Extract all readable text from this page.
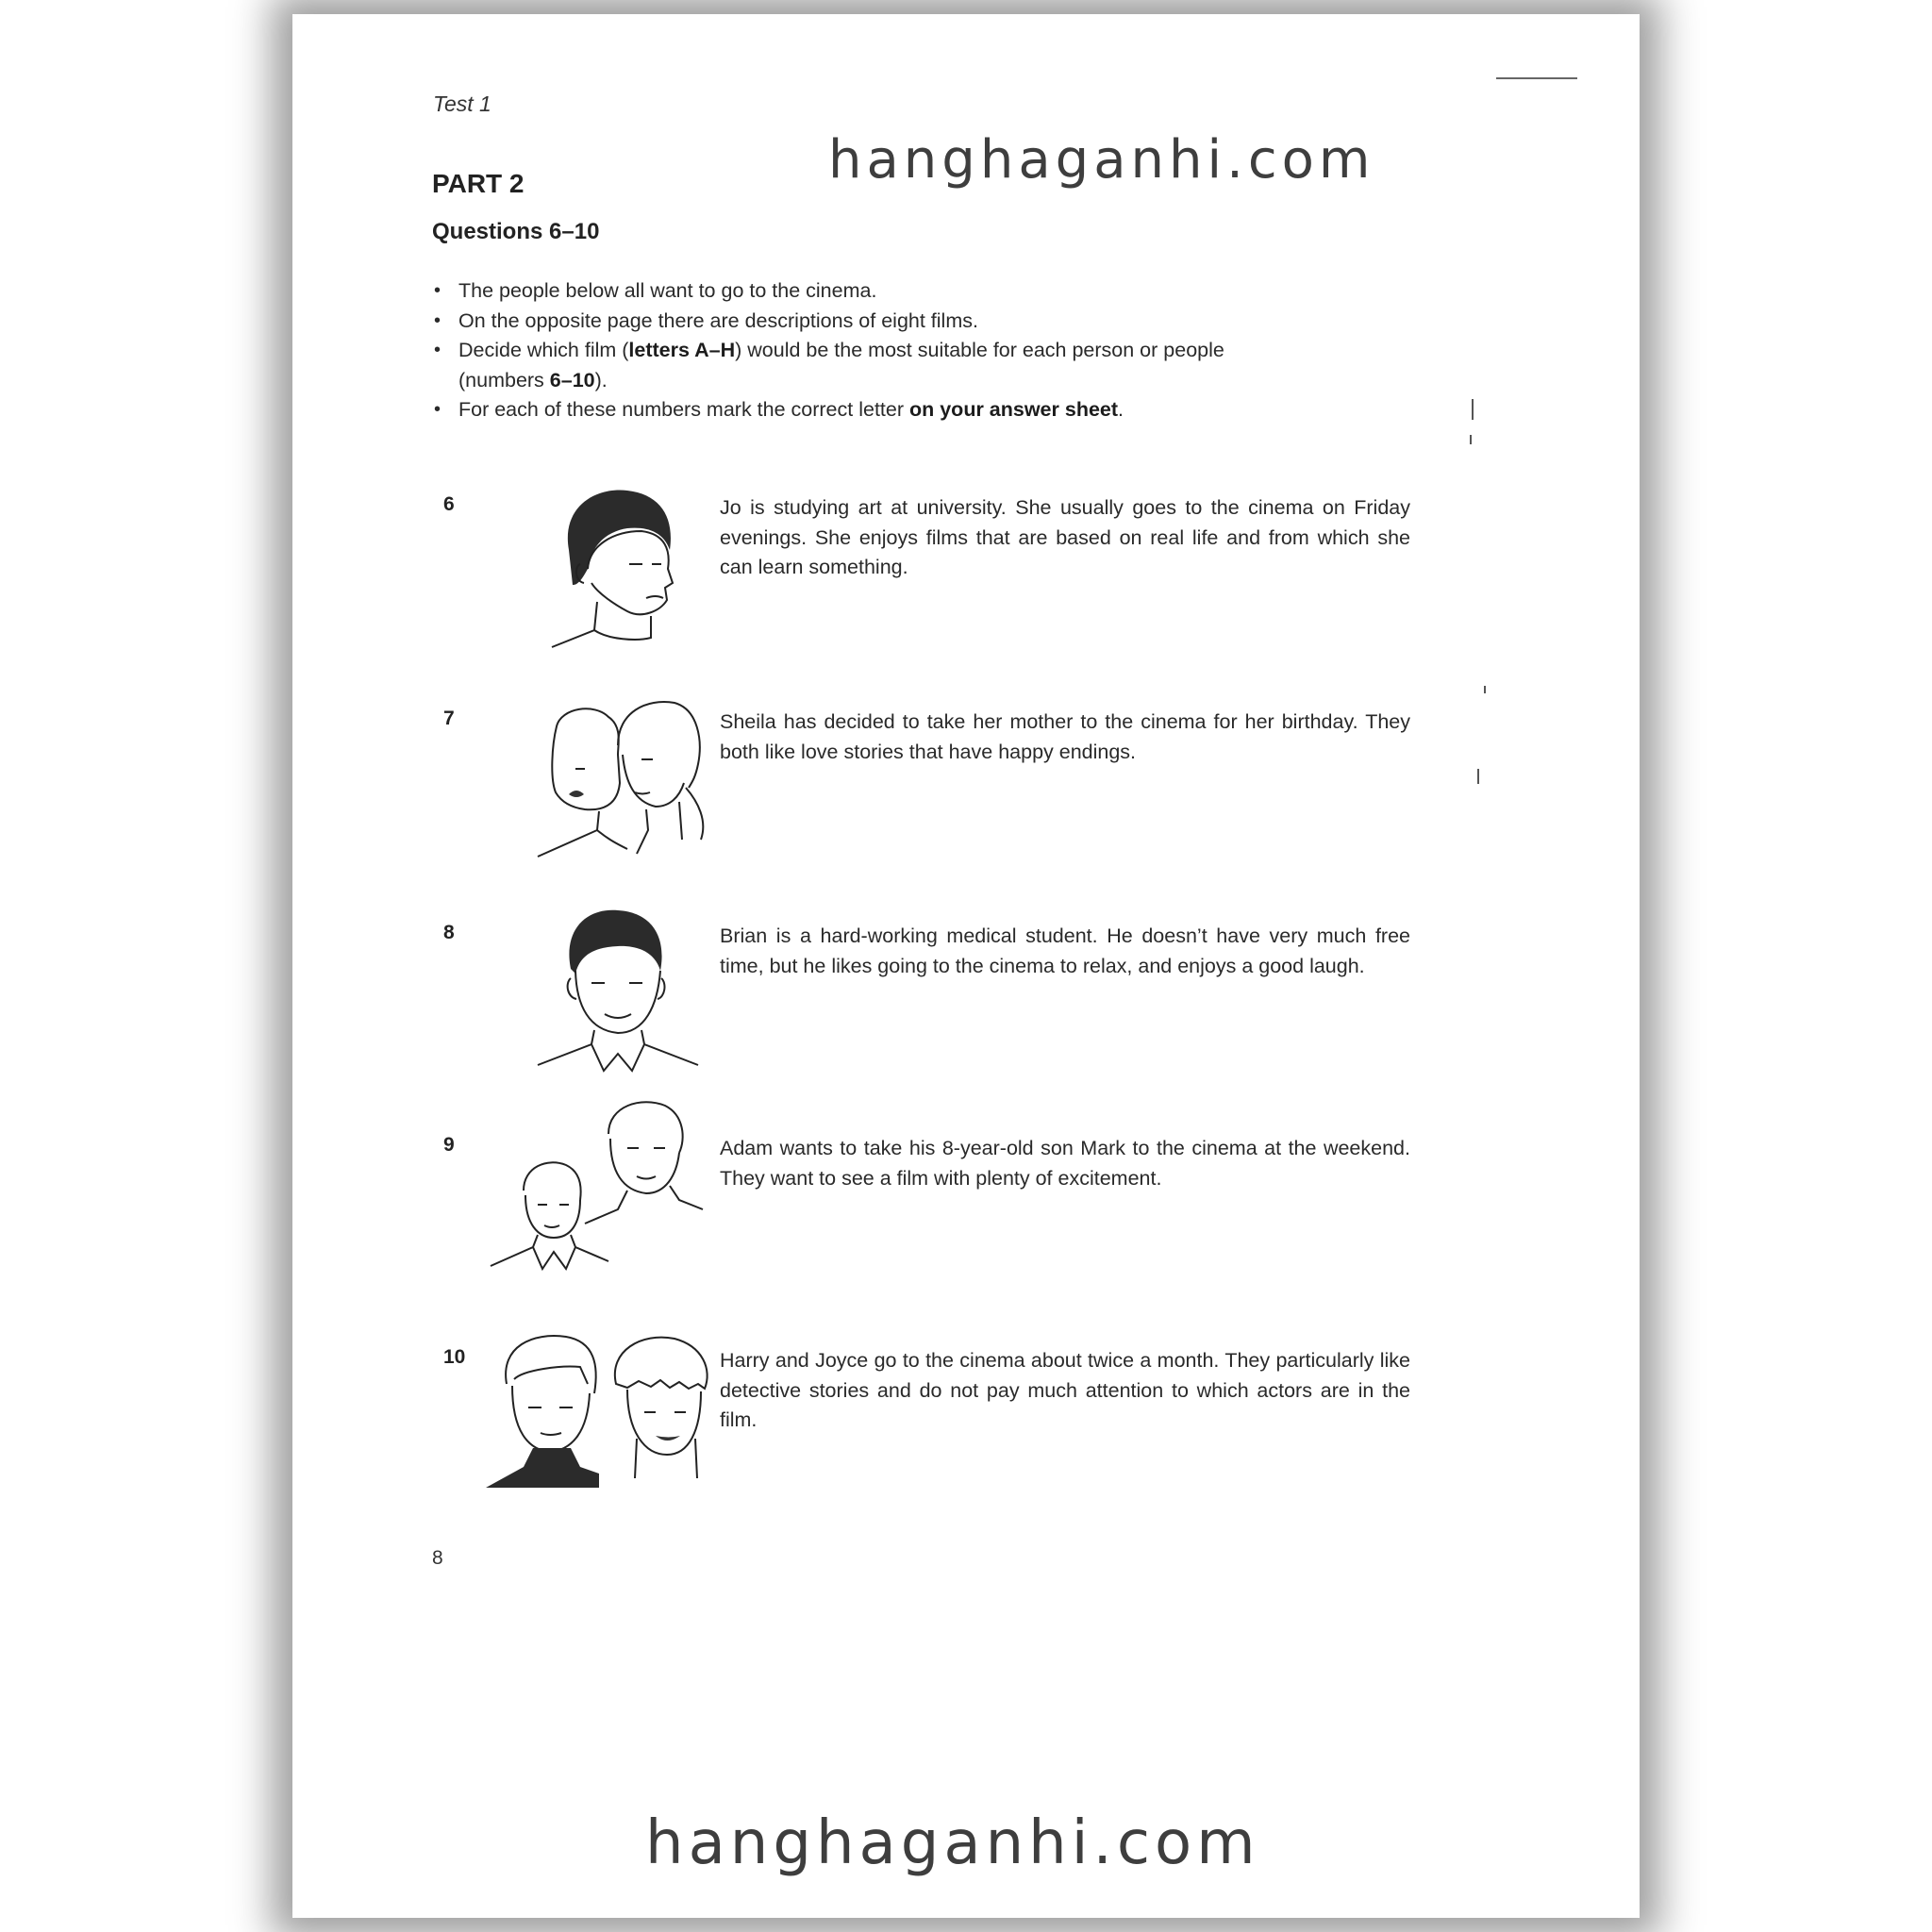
Test 1
PART 2
Questions 6–10
• The people below all want to go to the cinema.
• On the opposite page there are descriptions of eight films.
• Decide which film (letters A–H) would be the most suitable for each person or people (numbers 6–10).
• For each of these numbers mark the correct letter on your answer sheet.
6	Jo is studying art at university. She usually goes to the cinema on Friday evenings. She enjoys films that are based on real life and from which she can learn something.
7	Sheila has decided to take her mother to the cinema for her birthday. They both like love stories that have happy endings.
8	Brian is a hard-working medical student. He doesn’t have very much free time, but he likes going to the cinema to relax, and enjoys a good laugh.
9	Adam wants to take his 8-year-old son Mark to the cinema at the weekend. They want to see a film with plenty of excitement.
10	Harry and Joyce go to the cinema about twice a month. They particularly like detective stories and do not pay much attention to which actors are in the film.
8
hanghaganhi.com
hanghaganhi.com
